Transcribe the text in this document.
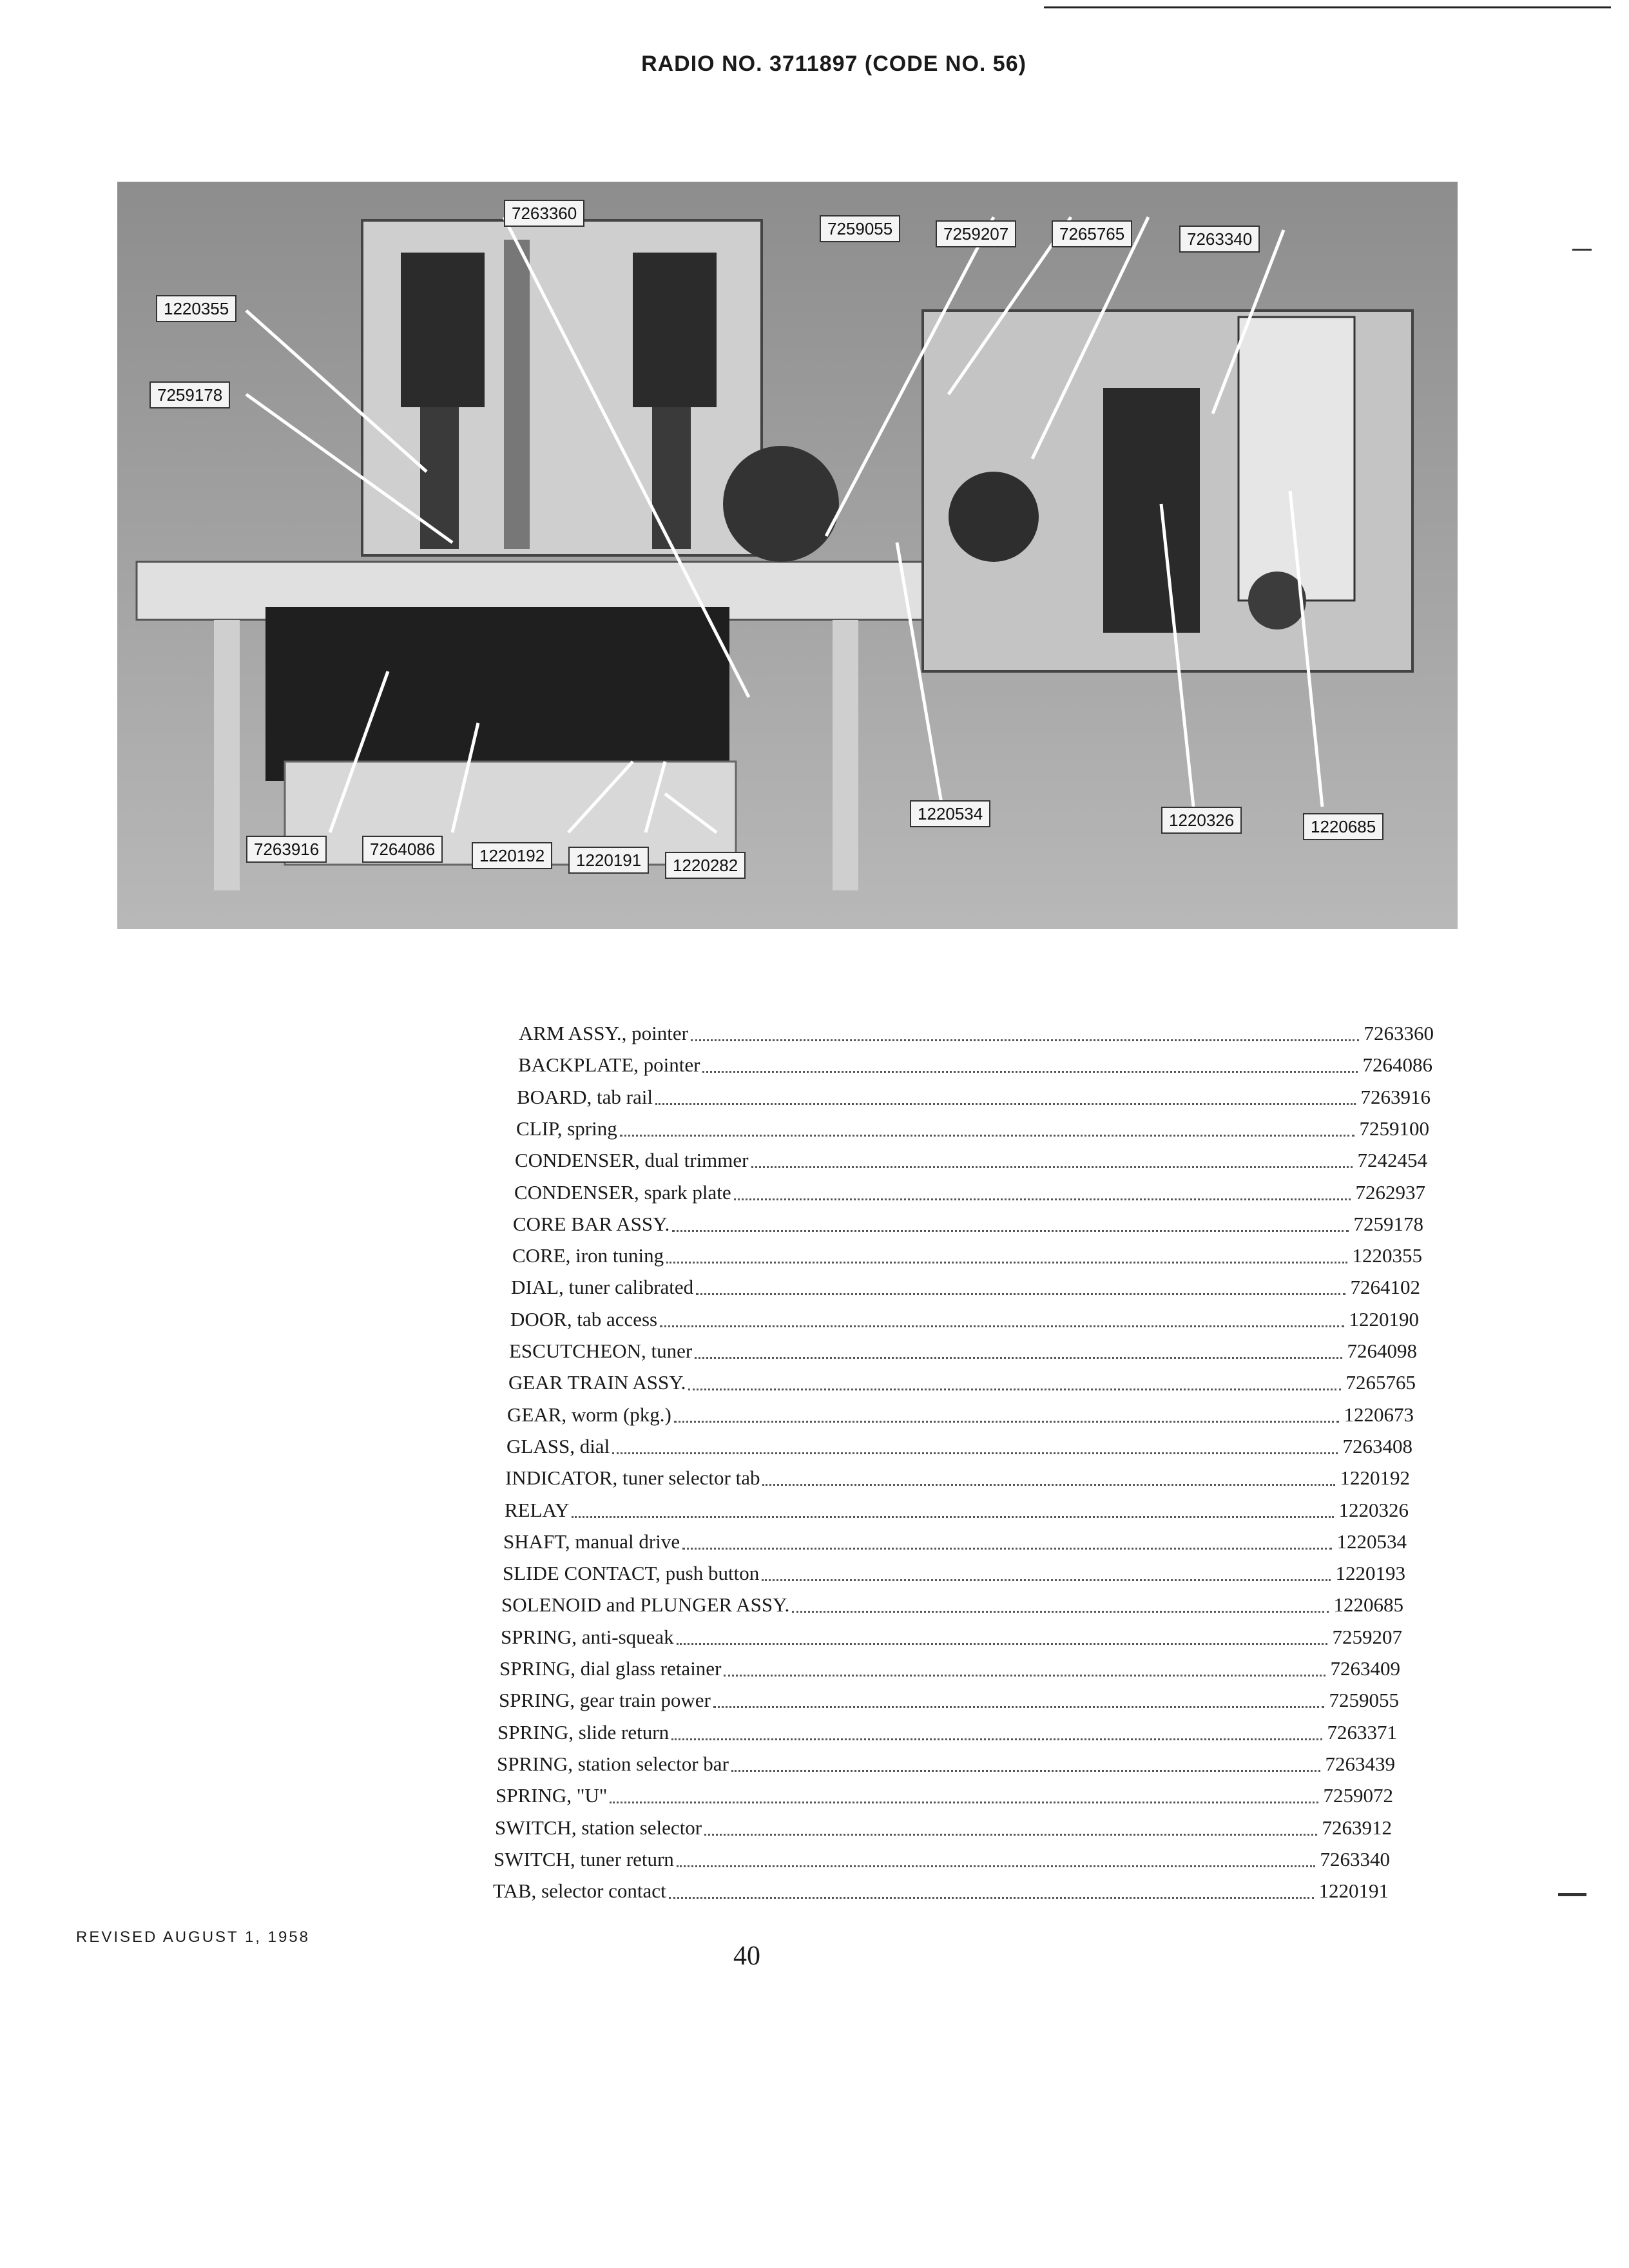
RADIO NO. 3711897 (CODE NO. 56)
7263360
7259055	7259207	7265765	7263340
1220355
7259178
7263916	7264086	1220192	1220191	1220282
1220534	1220326	1220685
ARM ASSY., pointer	7263360
BACKPLATE, pointer	7264086
BOARD, tab rail	7263916
CLIP, spring	7259100
CONDENSER, dual trimmer	7242454
CONDENSER, spark plate	7262937
CORE BAR ASSY.	7259178
CORE, iron tuning	1220355
DIAL, tuner calibrated	7264102
DOOR, tab access	1220190
ESCUTCHEON, tuner	7264098
GEAR TRAIN ASSY.	7265765
GEAR, worm (pkg.)	1220673
GLASS, dial	7263408
INDICATOR, tuner selector tab	1220192
RELAY	1220326
SHAFT, manual drive	1220534
SLIDE CONTACT, push button	1220193
SOLENOID and PLUNGER ASSY.	1220685
SPRING, anti-squeak	7259207
SPRING, dial glass retainer	7263409
SPRING, gear train power	7259055
SPRING, slide return	7263371
SPRING, station selector bar	7263439
SPRING, "U"	7259072
SWITCH, station selector	7263912
SWITCH, tuner return	7263340
TAB, selector contact	1220191
REVISED AUGUST 1, 1958
40
